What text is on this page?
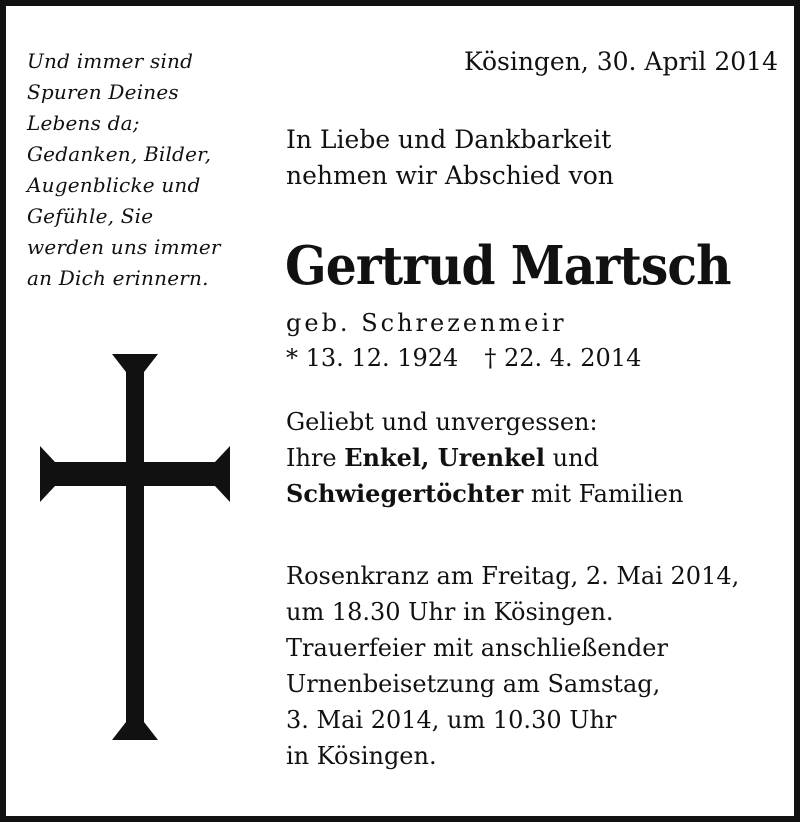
Und immer sind
Spuren Deines
Lebens da;
Gedanken, Bilder,
Augenblicke und
Gefühle, Sie
werden uns immer
an Dich erinnern.
Kösingen, 30. April 2014
In Liebe und Dankbarkeit
nehmen wir Abschied von
Gertrud Martsch
geb. Schrezenmeir
* 13. 12. 1924 † 22. 4. 2014
Geliebt und unvergessen:
Ihre Enkel, Urenkel und
Schwiegertöchter mit Familien
Rosenkranz am Freitag, 2. Mai 2014,
um 18.30 Uhr in Kösingen.
Trauerfeier mit anschließender
Urnenbeisetzung am Samstag,
3. Mai 2014, um 10.30 Uhr
in Kösingen.
